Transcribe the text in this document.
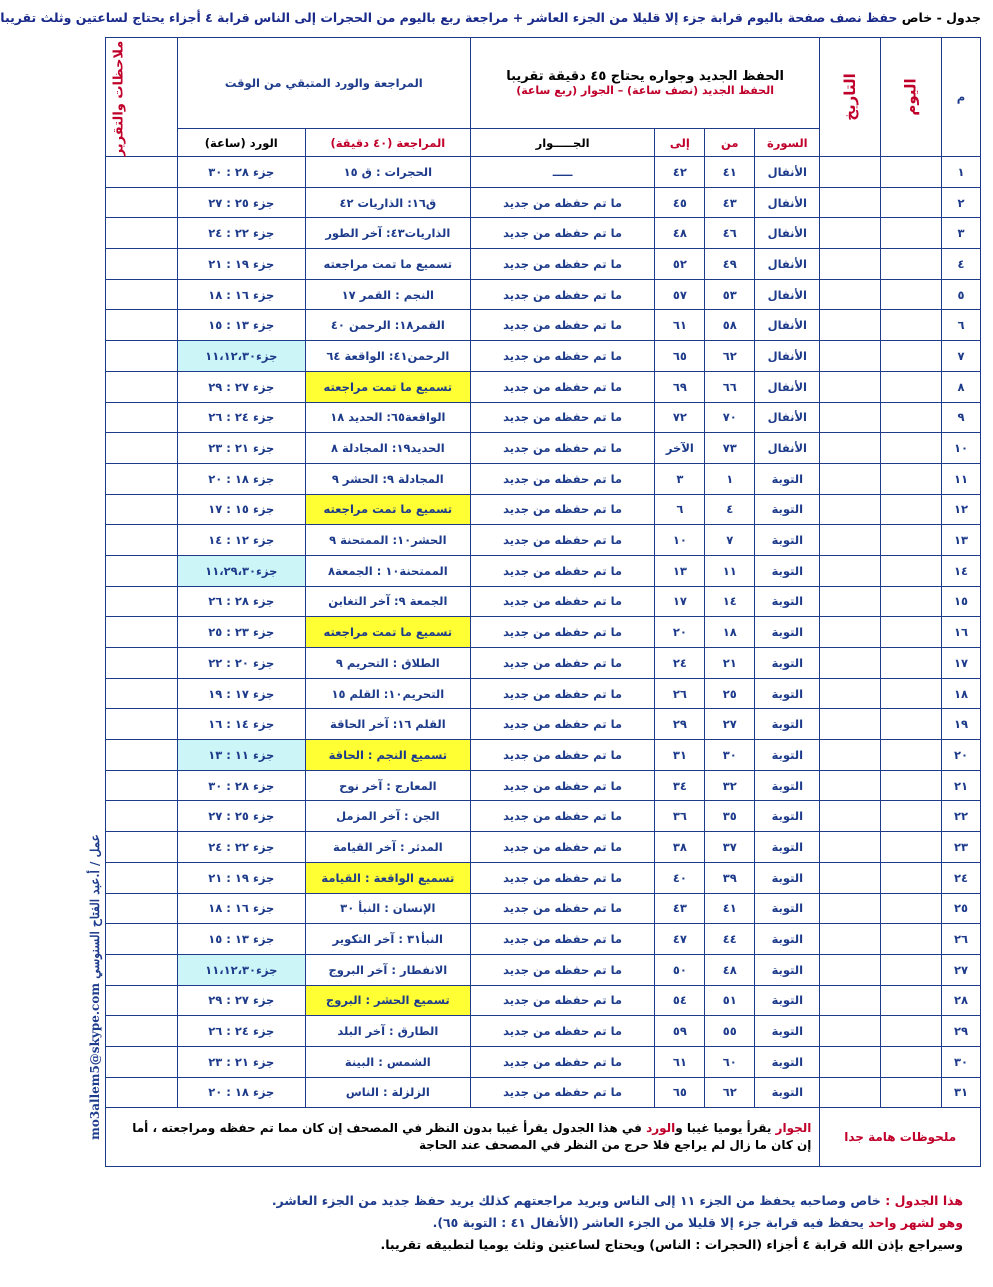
جدول - خاص حفظ نصف صفحة باليوم قرابة جزء إلا قليلا من الجزء العاشر + مراجعة ربع باليوم من الحجرات إلى الناس قرابة ٤ أجزاء يحتاج لساعتين وثلث تقريبا
عمل / أ.عبد الفتاح السنوسي mo3allem5@skype.com
م	اليوم	التاريخ	الحفظ الجديد وجواره يحتاج ٤٥ دقيقة تقريبا
الحفظ الجديد (نصف ساعة) – الجوار (ربع ساعة)				المراجعة والورد المتبقي من الوقت		ملاحظات والتقرير
			السورة	من	إلى	الجـــــوار	المراجعة (٤٠ دقيقة)	الورد (ساعة)	
١			الأنفال	٤١	٤٢	ـــــ	الحجرات : ق ١٥	جزء ٢٨ : ٣٠	
٢			الأنفال	٤٣	٤٥	ما تم حفظه من جديد	ق١٦: الذاريات ٤٢	جزء ٢٥ : ٢٧	
٣			الأنفال	٤٦	٤٨	ما تم حفظه من جديد	الذاريات٤٣: آخر الطور	جزء ٢٢ : ٢٤	
٤			الأنفال	٤٩	٥٢	ما تم حفظه من جديد	تسميع ما تمت مراجعته	جزء ١٩ : ٢١	
٥			الأنفال	٥٣	٥٧	ما تم حفظه من جديد	النجم : القمر ١٧	جزء ١٦ : ١٨	
٦			الأنفال	٥٨	٦١	ما تم حفظه من جديد	القمر١٨: الرحمن ٤٠	جزء ١٣ : ١٥	
٧			الأنفال	٦٢	٦٥	ما تم حفظه من جديد	الرحمن٤١: الواقعة ٦٤	جزء١١،١٢،٣٠	
٨			الأنفال	٦٦	٦٩	ما تم حفظه من جديد	تسميع ما تمت مراجعته	جزء ٢٧ : ٢٩	
٩			الأنفال	٧٠	٧٢	ما تم حفظه من جديد	الواقعة٦٥: الحديد ١٨	جزء ٢٤ : ٢٦	
١٠			الأنفال	٧٣	الآخر	ما تم حفظه من جديد	الحديد١٩: المجادلة ٨	جزء ٢١ : ٢٣	
١١			التوبة	١	٣	ما تم حفظه من جديد	المجادلة ٩: الحشر ٩	جزء ١٨ : ٢٠	
١٢			التوبة	٤	٦	ما تم حفظه من جديد	تسميع ما تمت مراجعته	جزء ١٥ : ١٧	
١٣			التوبة	٧	١٠	ما تم حفظه من جديد	الحشر١٠: الممتحنة ٩	جزء ١٢ : ١٤	
١٤			التوبة	١١	١٣	ما تم حفظه من جديد	الممتحنة١٠ : الجمعة٨	جزء١١،٢٩،٣٠	
١٥			التوبة	١٤	١٧	ما تم حفظه من جديد	الجمعة ٩: آخر التغابن	جزء ٢٨ : ٢٦	
١٦			التوبة	١٨	٢٠	ما تم حفظه من جديد	تسميع ما تمت مراجعته	جزء ٢٣ : ٢٥	
١٧			التوبة	٢١	٢٤	ما تم حفظه من جديد	الطلاق : التحريم ٩	جزء ٢٠ : ٢٢	
١٨			التوبة	٢٥	٢٦	ما تم حفظه من جديد	التحريم١٠: القلم ١٥	جزء ١٧ : ١٩	
١٩			التوبة	٢٧	٢٩	ما تم حفظه من جديد	القلم ١٦: آخر الحاقة	جزء ١٤ : ١٦	
٢٠			التوبة	٣٠	٣١	ما تم حفظه من جديد	تسميع النجم : الحاقة	جزء ١١ : ١٣	
٢١			التوبة	٣٢	٣٤	ما تم حفظه من جديد	المعارج : آخر نوح	جزء ٢٨ : ٣٠	
٢٢			التوبة	٣٥	٣٦	ما تم حفظه من جديد	الجن : آخر المزمل	جزء ٢٥ : ٢٧	
٢٣			التوبة	٣٧	٣٨	ما تم حفظه من جديد	المدثر : آخر القيامة	جزء ٢٢ : ٢٤	
٢٤			التوبة	٣٩	٤٠	ما تم حفظه من جديد	تسميع الواقعة : القيامة	جزء ١٩ : ٢١	
٢٥			التوبة	٤١	٤٣	ما تم حفظه من جديد	الإنسان : النبأ ٣٠	جزء ١٦ : ١٨	
٢٦			التوبة	٤٤	٤٧	ما تم حفظه من جديد	النبأ٣١ : آخر التكوير	جزء ١٣ : ١٥	
٢٧			التوبة	٤٨	٥٠	ما تم حفظه من جديد	الانفطار : آخر البروج	جزء١١،١٢،٣٠	
٢٨			التوبة	٥١	٥٤	ما تم حفظه من جديد	تسميع الحشر : البروج	جزء ٢٧ : ٢٩	
٢٩			التوبة	٥٥	٥٩	ما تم حفظه من جديد	الطارق : آخر البلد	جزء ٢٤ : ٢٦	
٣٠			التوبة	٦٠	٦١	ما تم حفظه من جديد	الشمس : البينة	جزء ٢١ : ٢٣	
٣١			التوبة	٦٢	٦٥	ما تم حفظه من جديد	الزلزلة : الناس	جزء ١٨ : ٢٠	
ملحوظات هامة جدا			الجوار يقرأ يوميا غيبا والورد في هذا الجدول يقرأ غيبا بدون النظر في المصحف إن كان مما تم حفظه ومراجعته ، أما إن كان ما زال لم يراجع فلا حرج من النظر في المصحف عند الحاجة						
هذا الجدول : خاص وصاحبه يحفظ من الجزء ١١ إلى الناس ويريد مراجعتهم كذلك يريد حفظ جديد من الجزء العاشر.
وهو لشهر واحد يحفظ فيه قرابة جزء إلا قليلا من الجزء العاشر (الأنفال ٤١ : التوبة ٦٥).
وسيراجع بإذن الله قرابة ٤ أجزاء (الحجرات : الناس) ويحتاج لساعتين وثلث يوميا لتطبيقه تقريبا.
